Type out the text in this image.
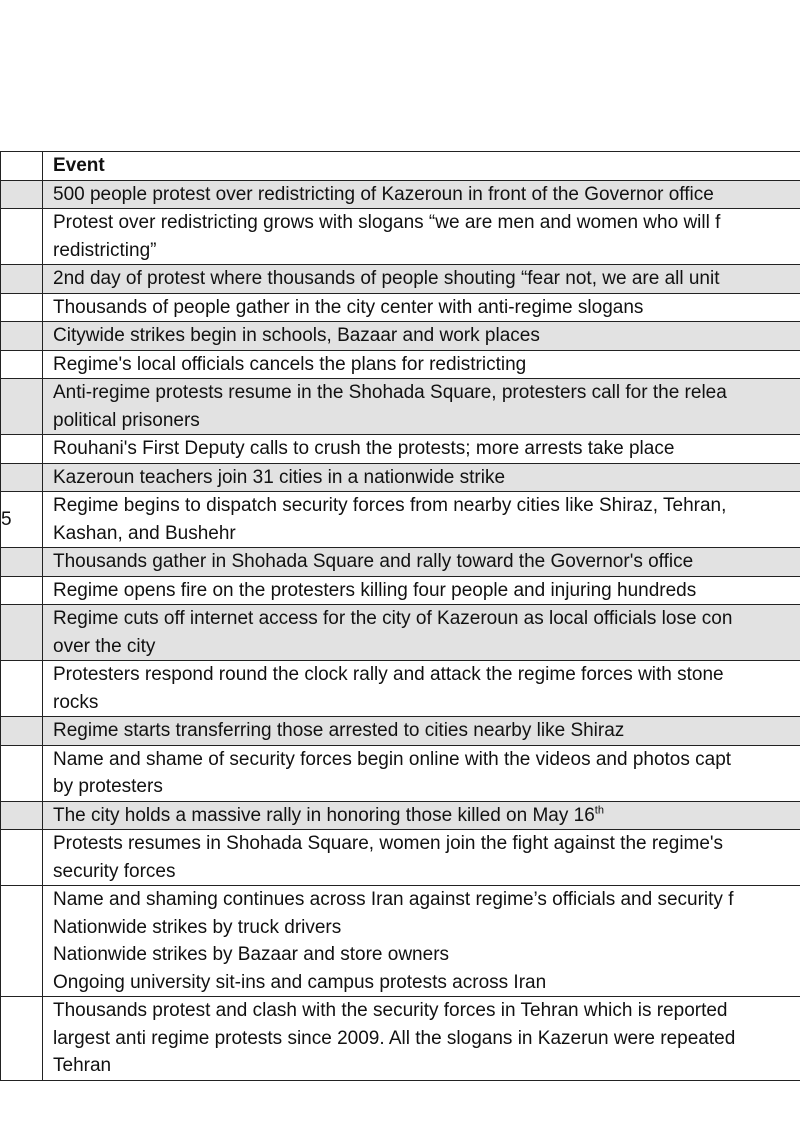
	Event
	500 people protest over redistricting of Kazeroun in front of the Governor office
	Protest over redistricting grows with slogans “we are men and women who will f
redistricting”
	2nd day of protest where thousands of people shouting “fear not, we are all unit
	Thousands of people gather in the city center with anti-regime slogans
	Citywide strikes begin in schools, Bazaar and work places
	Regime's local officials cancels the plans for redistricting
	Anti-regime protests resume in the Shohada Square, protesters call for the relea
political prisoners
	Rouhani's First Deputy calls to crush the protests; more arrests take place
	Kazeroun teachers join 31 cities in a nationwide strike
5	Regime begins to dispatch security forces from nearby cities like Shiraz, Tehran,
Kashan, and Bushehr
	Thousands gather in Shohada Square and rally toward the Governor's office
	Regime opens fire on the protesters killing four people and injuring hundreds
	Regime cuts off internet access for the city of Kazeroun as local officials lose con
over the city
	Protesters respond round the clock rally and attack the regime forces with stone
rocks
	Regime starts transferring those arrested to cities nearby like Shiraz
	Name and shame of security forces begin online with the videos and photos capt
by protesters
	The city holds a massive rally in honoring those killed on May 16th
	Protests resumes in Shohada Square, women join the fight against the regime's
security forces
	Name and shaming continues across Iran against regime’s officials and security f
Nationwide strikes by truck drivers
Nationwide strikes by Bazaar and store owners
Ongoing university sit-ins and campus protests across Iran
	Thousands protest and clash with the security forces in Tehran which is reported
largest anti regime protests since 2009. All the slogans in Kazerun were repeated
Tehran
